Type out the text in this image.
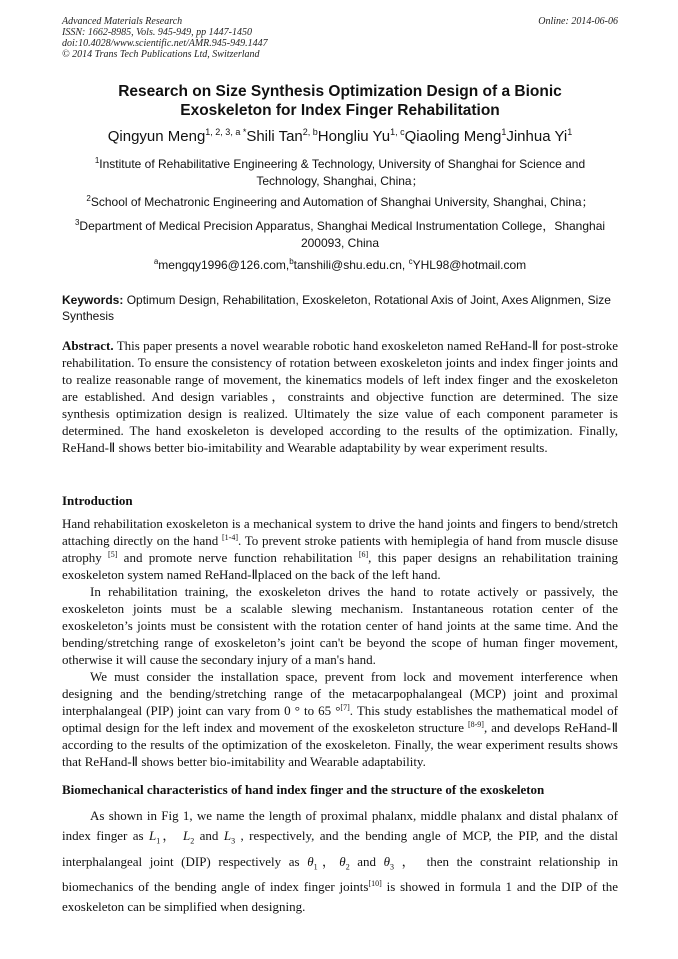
Advanced Materials Research
ISSN: 1662-8985, Vols. 945-949, pp 1447-1450
doi:10.4028/www.scientific.net/AMR.945-949.1447
© 2014 Trans Tech Publications Ltd, Switzerland
Online: 2014-06-06
Research on Size Synthesis Optimization Design of a Bionic
Exoskeleton for Index Finger Rehabilitation
Qingyun Meng$^{1, 2, 3, a *}$Shili Tan$^{2, b}$Hongliu Yu$^{1, c}$Qiaoling Meng$^1$Jinhua Yi$^1$
$^1$Institute of Rehabilitative Engineering & Technology, University of Shanghai for Science and
Technology, Shanghai, China；
$^2$School of Mechatronic Engineering and Automation of Shanghai University, Shanghai, China；
$^3$Department of Medical Precision Apparatus, Shanghai Medical Instrumentation College，Shanghai
200093, China
$^a$mengqy1996@126.com,$^b$tanshili@shu.edu.cn, $^c$YHL98@hotmail.com
Keywords: Optimum Design, Rehabilitation, Exoskeleton, Rotational Axis of Joint, Axes Alignmen, Size Synthesis
Abstract. This paper presents a novel wearable robotic hand exoskeleton named ReHand-Ⅱ for post-stroke rehabilitation. To ensure the consistency of rotation between exoskeleton joints and index finger joints and to realize reasonable range of movement, the kinematics models of left index finger and the exoskeleton are established. And design variables，constraints and objective function are determined. The size synthesis optimization design is realized. Ultimately the size value of each component parameter is determined. The hand exoskeleton is developed according to the results of the optimization. Finally, ReHand-Ⅱ shows better bio-imitability and Wearable adaptability by wear experiment results.
Introduction

Hand rehabilitation exoskeleton is a mechanical system to drive the hand joints and fingers to bend/stretch attaching directly on the hand [1-4]. To prevent stroke patients with hemiplegia of hand from muscle disuse atrophy [5] and promote nerve function rehabilitation [6], this paper designs an rehabilitation training exoskeleton system named ReHand-Ⅱplaced on the back of the left hand.

In rehabilitation training, the exoskeleton drives the hand to rotate actively or passively, the exoskeleton joints must be a scalable slewing mechanism. Instantaneous rotation center of the exoskeleton’s joints must be consistent with the rotation center of hand joints at the same time. And the bending/stretching range of exoskeleton’s joint can't be beyond the scope of human finger movement, otherwise it will cause the secondary injury of a man's hand.

We must consider the installation space, prevent from lock and movement interference when designing and the bending/stretching range of the metacarpophalangeal (MCP) joint and proximal interphalangeal (PIP) joint can vary from 0 ° to 65 °[7]. This study establishes the mathematical model of optimal design for the left index and movement of the exoskeleton structure [8-9], and develops ReHand-Ⅱ according to the results of the optimization of the exoskeleton. Finally, the wear experiment results shows that ReHand-Ⅱ shows better bio-imitability and Wearable adaptability.

Biomechanical characteristics of hand index finger and the structure of the exoskeleton

As shown in Fig 1, we name the length of proximal phalanx, middle phalanx and distal phalanx of index finger as $L_1$， $L_2$ and $L_3$ , respectively, and the bending angle of MCP, the PIP, and the distal interphalangeal joint (DIP) respectively as $\theta_1$，$\theta_2$ and $\theta_3$ ， then the constraint relationship in biomechanics of the bending angle of index finger joints[10] is showed in formula 1 and the DIP of the exoskeleton can be simplified when designing.
